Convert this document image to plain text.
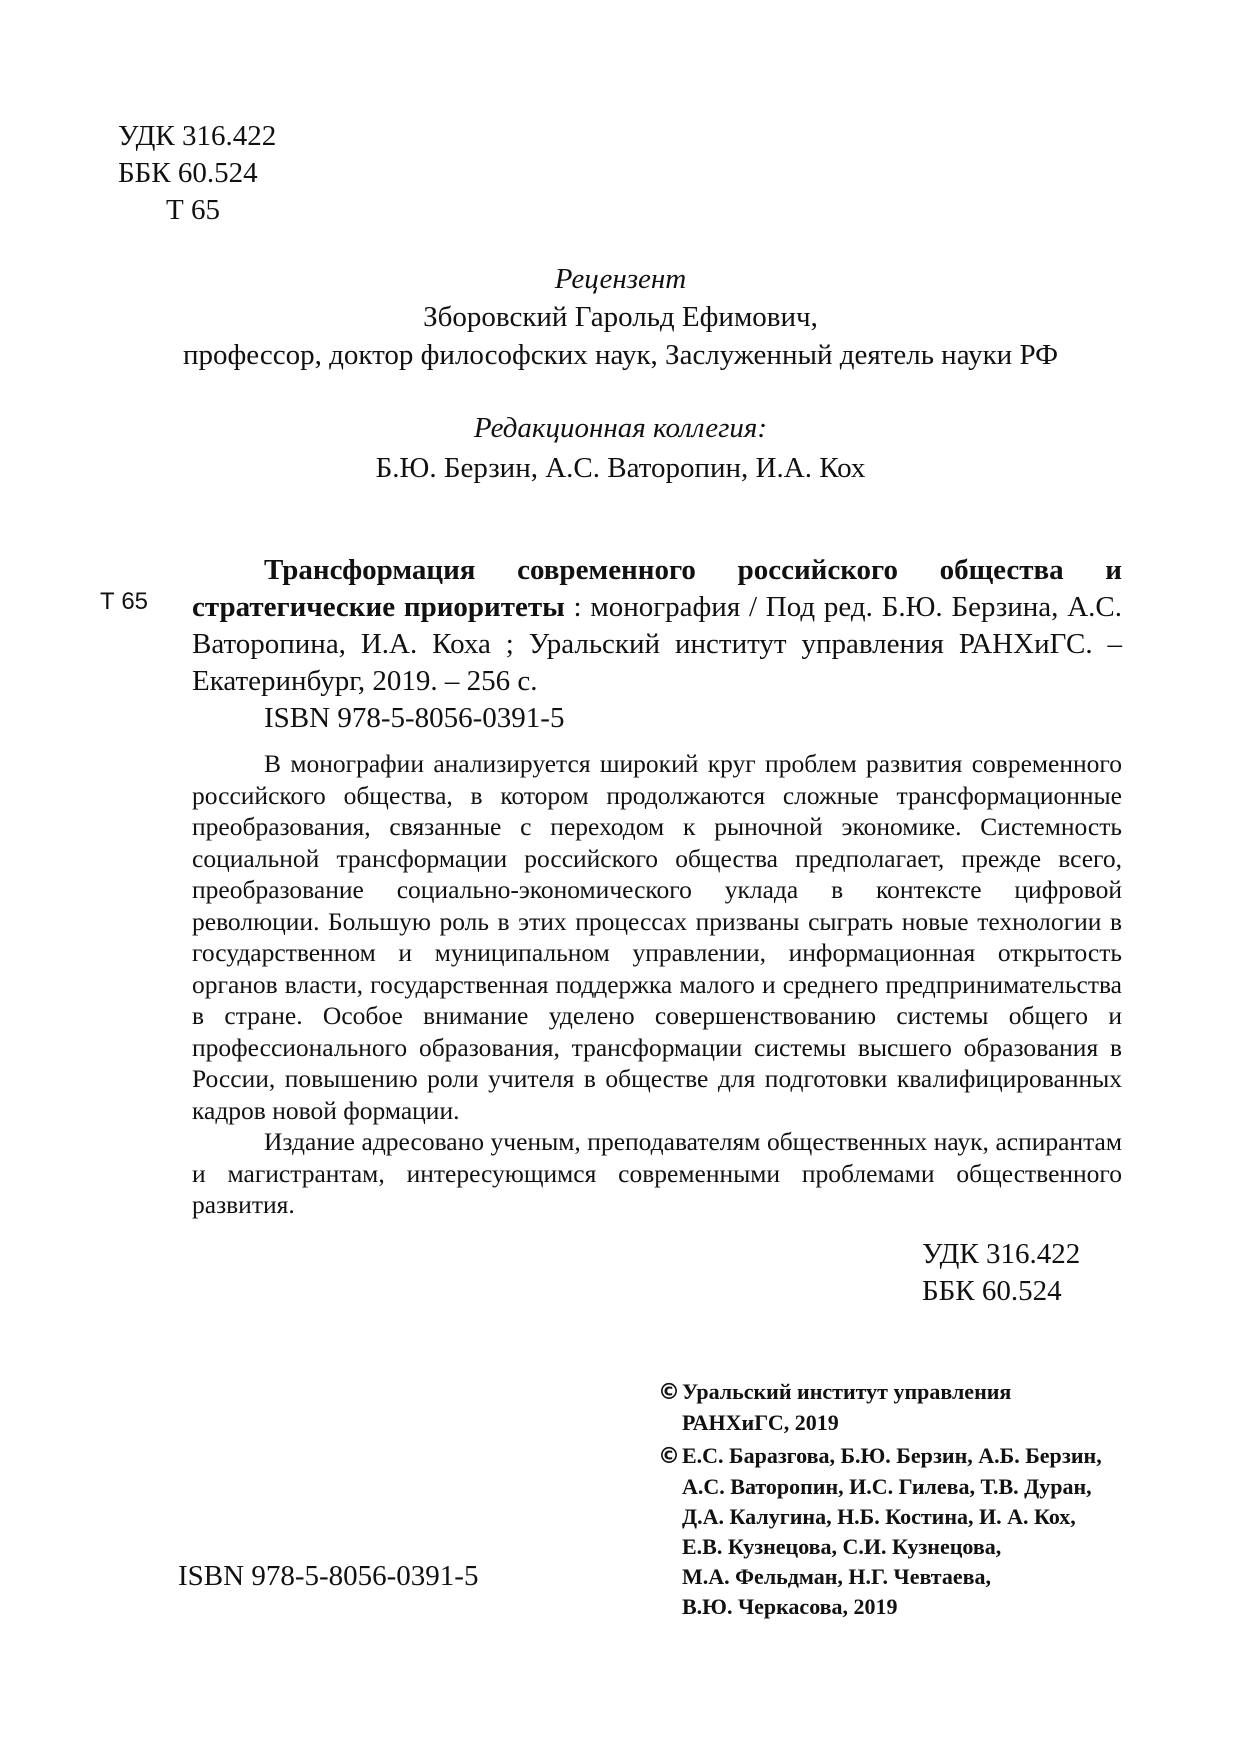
УДК 316.422
ББК 60.524
Т 65
Рецензент
Зборовский Гарольд Ефимович,
профессор, доктор философских наук, Заслуженный деятель науки РФ
Редакционная коллегия:
Б.Ю. Берзин, А.С. Ваторопин, И.А. Кох
Т 65

Трансформация современного российского общества и стратегические приоритеты : монография / Под ред. Б.Ю. Берзина, А.С. Ваторопина, И.А. Коха ; Уральский институт управления РАНХиГС. – Екатеринбург, 2019. – 256 с.

ISBN 978-5-8056-0391-5

В монографии анализируется широкий круг проблем развития современного российского общества, в котором продолжаются сложные трансформационные преобразования, связанные с переходом к рыночной экономике. Системность социальной трансформации российского общества предполагает, прежде всего, преобразование социально-экономического уклада в контексте цифровой революции. Большую роль в этих процессах призваны сыграть новые технологии в государственном и муниципальном управлении, информационная открытость органов власти, государственная поддержка малого и среднего предпринимательства в стране. Особое внимание уделено совершенствованию системы общего и профессионального образования, трансформации системы высшего образования в России, повышению роли учителя в обществе для подготовки квалифицированных кадров новой формации.

Издание адресовано ученым, преподавателям общественных наук, аспирантам и магистрантам, интересующимся современными проблемами общественного развития.

УДК 316.422
ББК 60.524
ISBN 978-5-8056-0391-5
©Уральский институт управления
РАНХиГС, 2019
©Е.С. Баразгова, Б.Ю. Берзин, А.Б. Берзин,
А.С. Ваторопин, И.С. Гилева, Т.В. Дуран,
Д.А. Калугина, Н.Б. Костина, И. А. Кох,
Е.В. Кузнецова, С.И. Кузнецова,
М.А. Фельдман, Н.Г. Чевтаева,
В.Ю. Черкасова, 2019
